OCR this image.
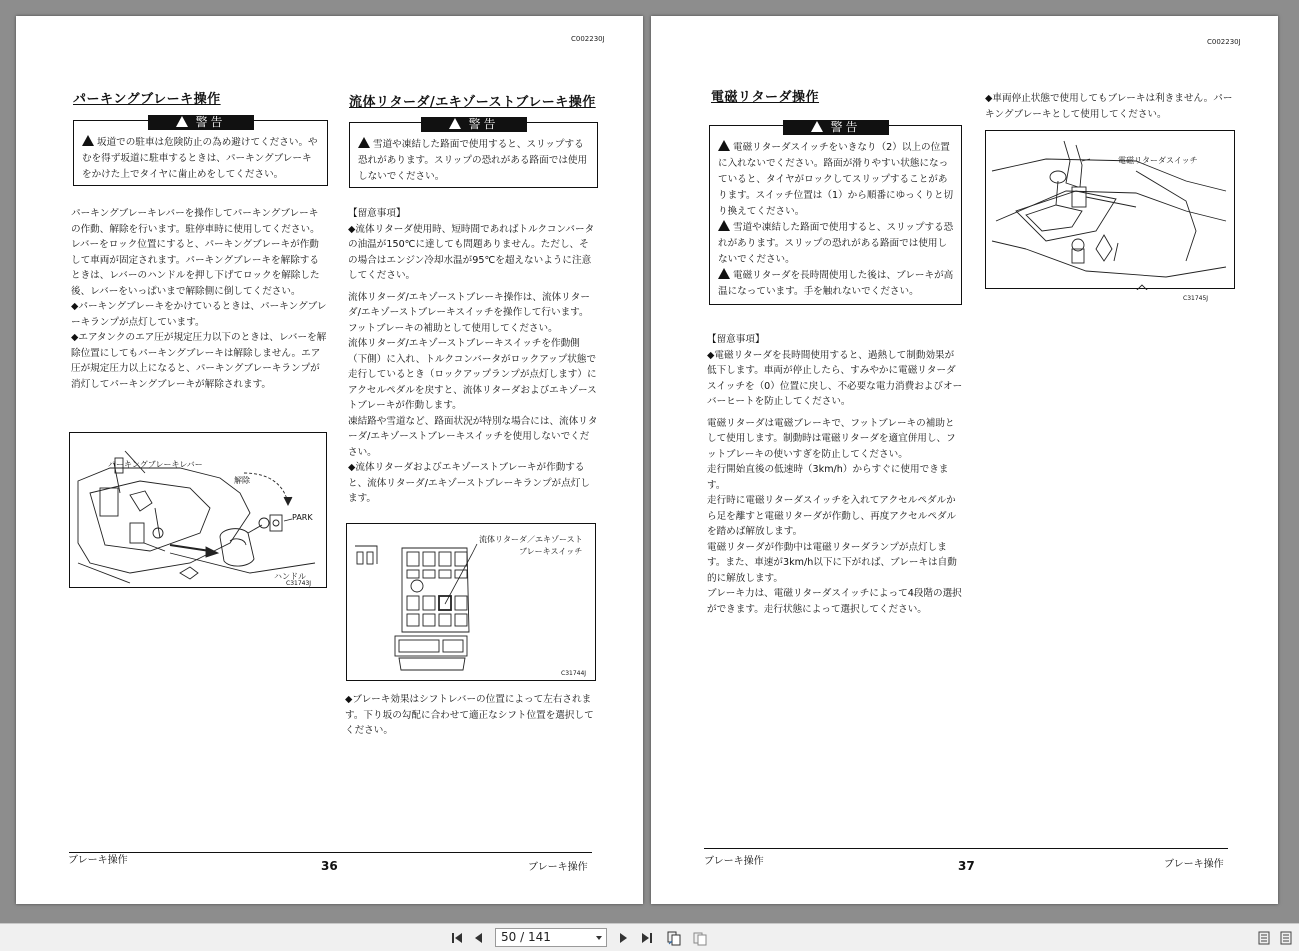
C002230J
パーキングブレーキ操作
警告
坂道での駐車は危険防止の為め避けてください。やむを得ず坂道に駐車するときは、パーキングブレーキをかけた上でタイヤに歯止めをしてください。

パーキングブレーキレバーを操作してパーキングブレーキの作動、解除を行います。駐停車時に使用してください。

レバーをロック位置にすると、パーキングブレーキが作動して車両が固定されます。パーキングブレーキを解除するときは、レバーのハンドルを押し下げてロックを解除した後、レバーをいっぱいまで解除側に倒してください。

◆パーキングブレーキをかけているときは、パーキングブレーキランプが点灯しています。

◆エアタンクのエア圧が規定圧力以下のときは、レバーを解除位置にしてもパーキングブレーキは解除しません。エア圧が規定圧力以上になると、パーキングブレーキランプが消灯してパーキングブレーキが解除されます。

パーキングブレーキレバー
解除
PARK
ハンドル
C31743J
流体リターダ/エキゾーストブレーキ操作
警告
雪道や凍結した路面で使用すると、スリップする恐れがあります。スリップの恐れがある路面では使用しないでください。

【留意事項】

◆流体リターダ使用時、短時間であればトルクコンバータの油温が150℃に達しても問題ありません。ただし、その場合はエンジン冷却水温が95℃を超えないように注意してください。

流体リターダ/エキゾーストブレーキ操作は、流体リターダ/エキゾーストブレーキスイッチを操作して行います。フットブレーキの補助として使用してください。

流体リターダ/エキゾーストブレーキスイッチを作動側（下側）に入れ、トルクコンバータがロックアップ状態で走行しているとき（ロックアップランプが点灯します）にアクセルペダルを戻すと、流体リターダおよびエキゾーストブレーキが作動します。

凍結路や雪道など、路面状況が特別な場合には、流体リターダ/エキゾーストブレーキスイッチを使用しないでください。

◆流体リターダおよびエキゾーストブレーキが作動すると、流体リターダ/エキゾーストブレーキランプが点灯します。

流体リターダ／エキゾースト
ブレーキスイッチ
C31744J
◆ブレーキ効果はシフトレバーの位置によって左右されます。下り坂の勾配に合わせて適正なシフト位置を選択してください。
ブレーキ操作	36	ブレーキ操作
C002230J
電磁リターダ操作
警告
電磁リターダスイッチをいきなり（2）以上の位置に入れないでください。路面が滑りやすい状態になっていると、タイヤがロックしてスリップすることがあります。スイッチ位置は（1）から順番にゆっくりと切り換えてください。
雪道や凍結した路面で使用すると、スリップする恐れがあります。スリップの恐れがある路面では使用しないでください。
電磁リターダを長時間使用した後は、ブレーキが高温になっています。手を触れないでください。

【留意事項】

◆電磁リターダを長時間使用すると、過熱して制動効果が低下します。車両が停止したら、すみやかに電磁リターダスイッチを（0）位置に戻し、不必要な電力消費およびオーバーヒートを防止してください。

電磁リターダは電磁ブレーキで、フットブレーキの補助として使用します。制動時は電磁リターダを適宜併用し、フットブレーキの使いすぎを防止してください。

走行開始直後の低速時（3km/h）からすぐに使用できます。

走行時に電磁リターダスイッチを入れてアクセルペダルから足を離すと電磁リターダが作動し、再度アクセルペダルを踏めば解放します。

電磁リターダが作動中は電磁リターダランプが点灯します。また、車速が3km/h以下に下がれば、ブレーキは自動的に解放します。

ブレーキ力は、電磁リターダスイッチによって4段階の選択ができます。走行状態によって選択してください。

◆車両停止状態で使用してもブレーキは利きません。パーキングブレーキとして使用してください。
電磁リターダスイッチ
C31745J
ブレーキ操作	37	ブレーキ操作
50 / 141
